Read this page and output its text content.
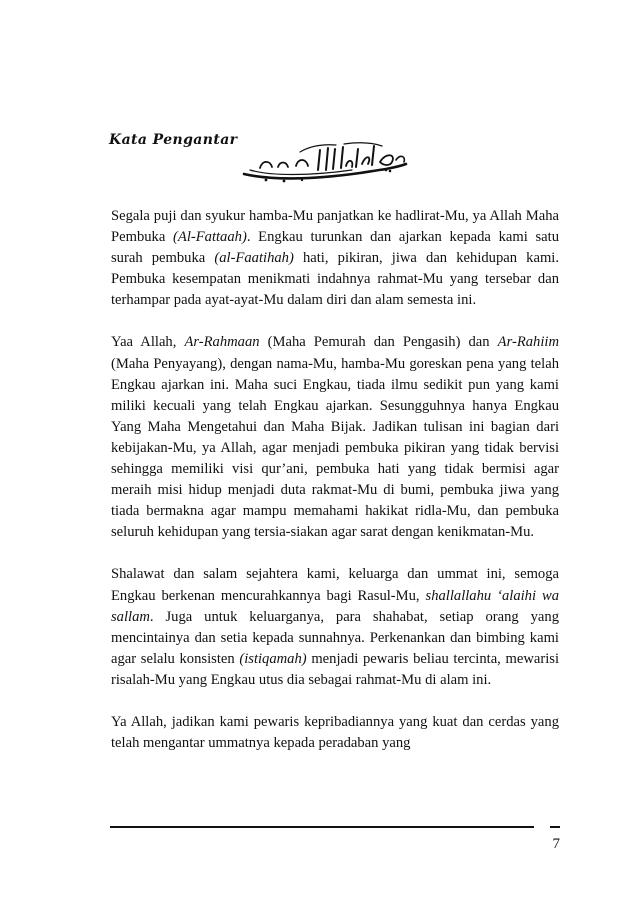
Kata Pengantar

Segala puji dan syukur hamba-Mu panjatkan ke hadlirat-Mu, ya Allah Maha Pembuka (Al-Fattaah). Engkau turunkan dan ajarkan kepada kami satu surah pembuka (al-Faatihah) hati, pikiran, jiwa dan kehidupan kami. Pembuka kesempatan menikmati indahnya rahmat-Mu yang tersebar dan terhampar pada ayat-ayat-Mu dalam diri dan alam semesta ini.

Yaa Allah, Ar-Rahmaan (Maha Pemurah dan Pengasih) dan Ar-Rahiim (Maha Penyayang), dengan nama-Mu, hamba-Mu goreskan pena yang telah Engkau ajarkan ini. Maha suci Engkau, tiada ilmu sedikit pun yang kami miliki kecuali yang telah Engkau ajarkan. Sesungguhnya hanya Engkau Yang Maha Mengetahui dan Maha Bijak. Jadikan tulisan ini bagian dari kebijakan-Mu, ya Allah, agar menjadi pembuka pikiran yang tidak bervisi sehingga memiliki visi qur’ani, pembuka hati yang tidak bermisi agar meraih misi hidup menjadi duta rakmat-Mu di bumi, pembuka jiwa yang tiada bermakna agar mampu memahami hakikat ridla-Mu, dan pembuka seluruh kehidupan yang tersia-siakan agar sarat dengan kenikmatan-Mu.

Shalawat dan salam sejahtera kami, keluarga dan ummat ini, semoga Engkau berkenan mencurahkannya bagi Rasul-Mu, shallallahu ‘alaihi wa sallam. Juga untuk keluarganya, para shahabat, setiap orang yang mencintainya dan setia kepada sunnahnya. Perkenankan dan bimbing kami agar selalu konsisten (istiqamah) menjadi pewaris beliau tercinta, mewarisi risalah-Mu yang Engkau utus dia sebagai rahmat-Mu di alam ini.

Ya Allah, jadikan kami pewaris kepribadiannya yang kuat dan cerdas yang telah mengantar ummatnya kepada peradaban yang

7
